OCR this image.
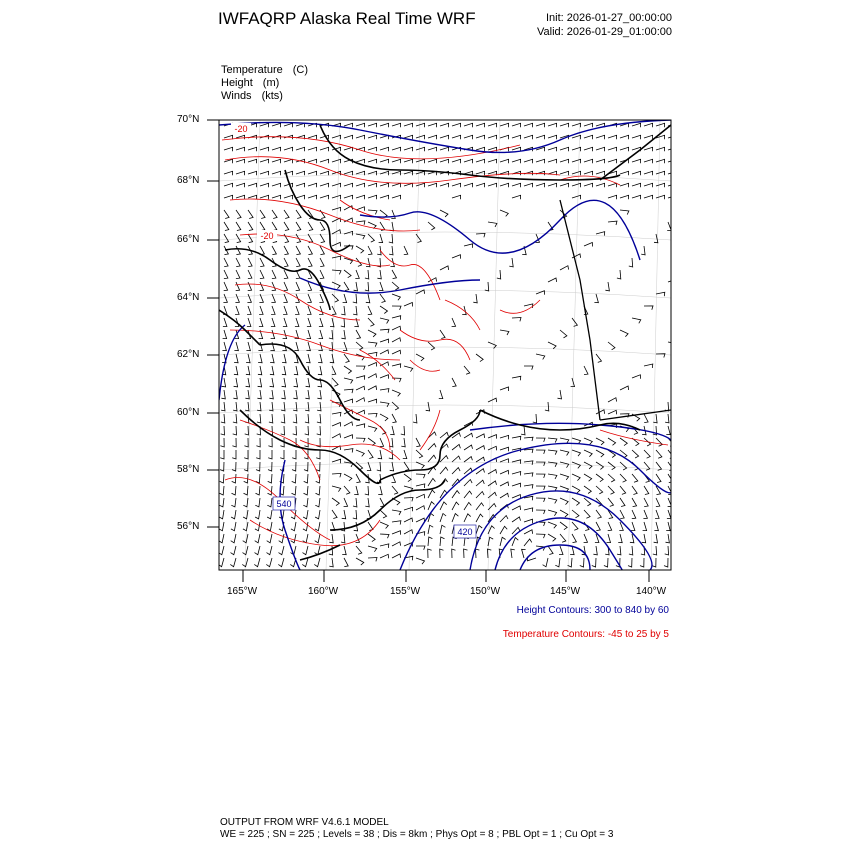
IWFAQRP Alaska Real Time WRF	Init: 2026-01-27_00:00:00
Valid: 2026-01-29_01:00:00
Temperature (C)
Height (m)
Winds (kts)
540
420
-20
-20
70°N
68°N
66°N
64°N
62°N
60°N
58°N
56°N
165°W	160°W	155°W	150°W	145°W	140°W
Height Contours: 300 to 840 by 60
Temperature Contours: -45 to 25 by 5
OUTPUT FROM WRF V4.6.1 MODEL
WE = 225 ; SN = 225 ; Levels = 38 ; Dis = 8km ; Phys Opt = 8 ; PBL Opt = 1 ; Cu Opt = 3
